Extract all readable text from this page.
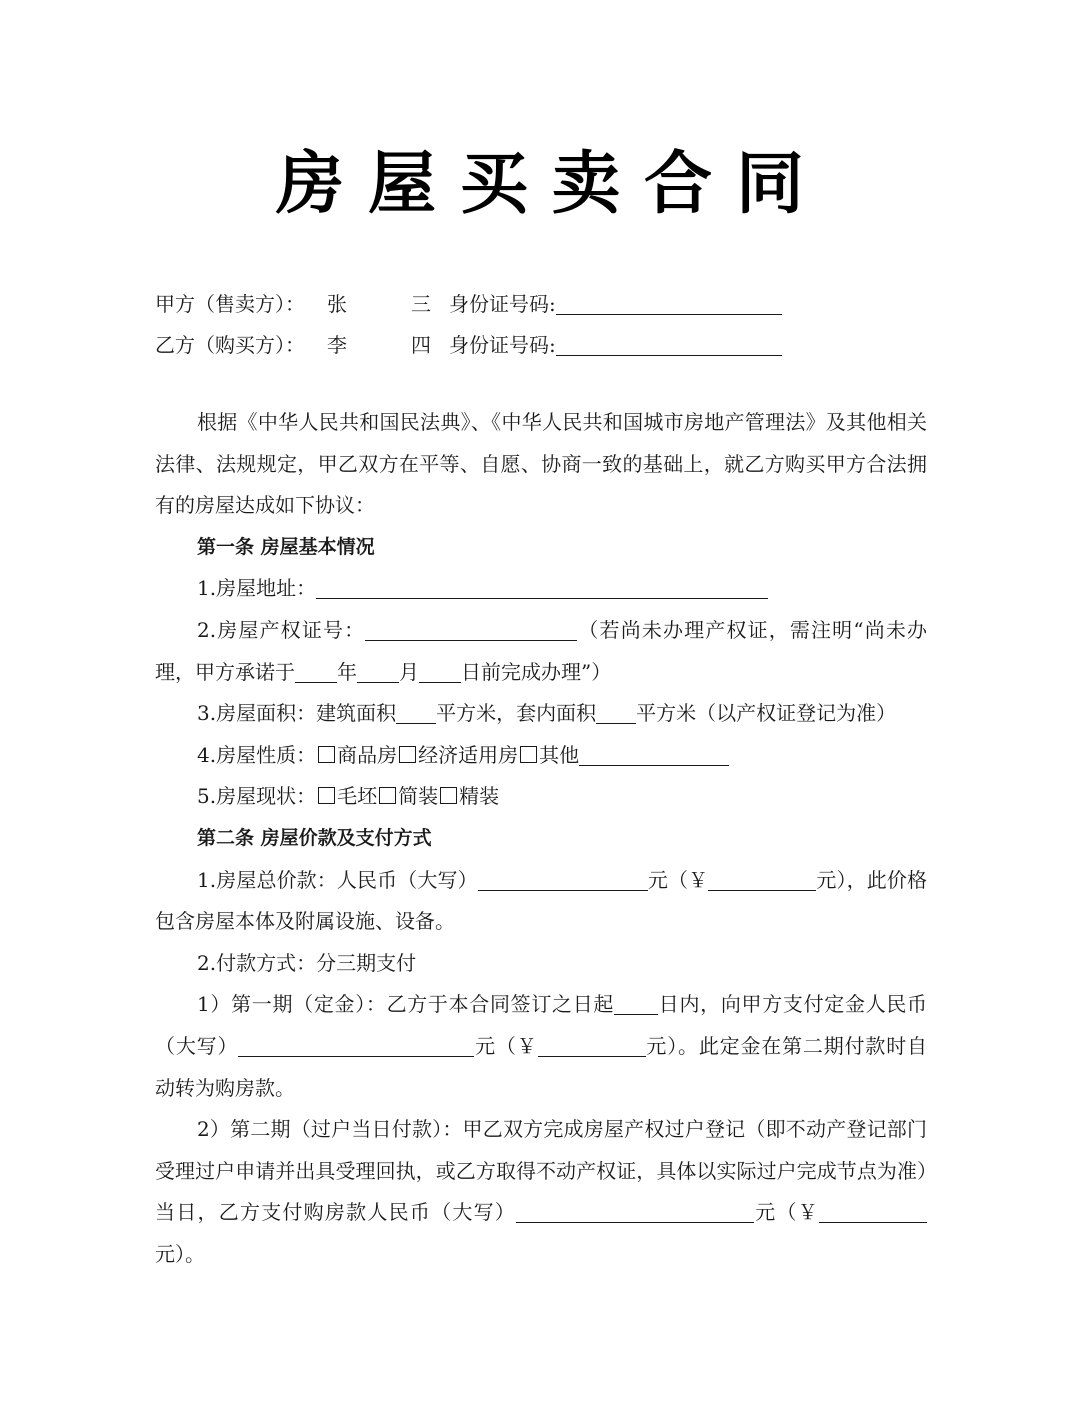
房屋买卖合同
甲方（售卖方）： 张　三身份证号码:
乙方（购买方）： 李　四身份证号码:

根据《中华人民共和国民法典》、《中华人民共和国城市房地产管理法》及其他相关法律、法规规定，甲乙双方在平等、自愿、协商一致的基础上，就乙方购买甲方合法拥有的房屋达成如下协议：

第一条 房屋基本情况

1.房屋地址：

2.房屋产权证号：	（若尚未办理产权证，需注明“尚未办理，甲方承诺于 年 月 日前完成办理”）

3.房屋面积：建筑面积 平方米，套内面积 平方米（以产权证登记为准）

4.房屋性质： 商品房 经济适用房 其他

5.房屋现状： 毛坯 简装 精装

第二条 房屋价款及支付方式

1.房屋总价款：人民币（大写）	元（￥	元），此价格包含房屋本体及附属设施、设备。

2.付款方式：分三期支付

1）第一期（定金）：乙方于本合同签订之日起 日内，向甲方支付定金人民币（大写）	元（￥	元）。此定金在第二期付款时自动转为购房款。

2）第二期（过户当日付款）：甲乙双方完成房屋产权过户登记（即不动产登记部门受理过户申请并出具受理回执，或乙方取得不动产权证，具体以实际过户完成节点为准）当日，乙方支付购房款人民币（大写）	元（￥元）。
